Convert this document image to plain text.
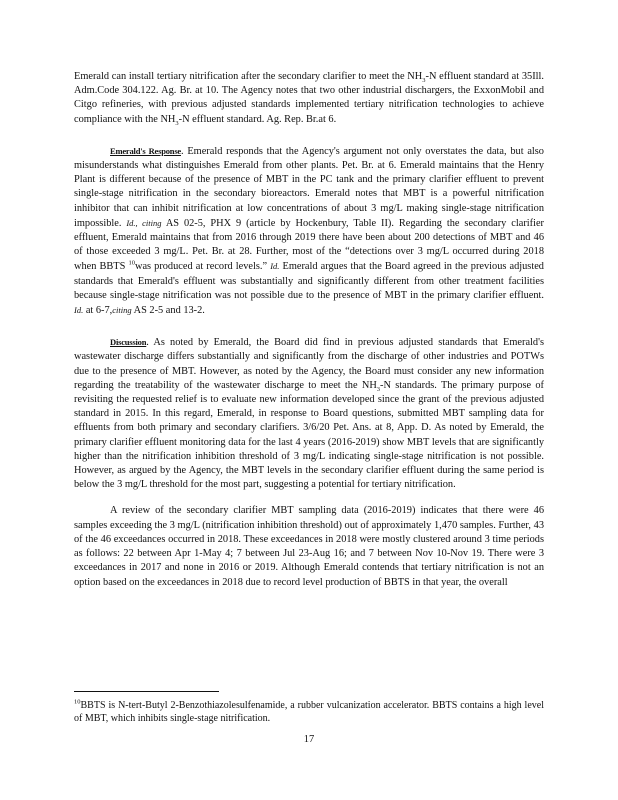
Emerald can install tertiary nitrification after the secondary clarifier to meet the $NH_3-N$ effluent standard at 35Ill. Adm.Code 304.122. Ag. Br. at 10. The Agency notes that two other industrial dischargers, the ExxonMobil and Citgo refineries, with previous adjusted standards implemented tertiary nitrification technologies to achieve compliance with the $NH_3-N$ effluent standard. Ag. Rep. Br.at 6.

Emerald's Response. Emerald responds that the Agency's argument not only overstates the data, but also misunderstands what distinguishes Emerald from other plants. Pet. Br. at 6. Emerald maintains that the Henry Plant is different because of the presence of MBT in the PC tank and the primary clarifier effluent to prevent single-stage nitrification in the secondary bioreactors. Emerald notes that MBT is a powerful nitrification inhibitor that can inhibit nitrification at low concentrations of about 3 mg/L making single-stage nitrification impossible. Id., citing AS 02-5, PHX 9 (article by Hockenbury, Table II). Regarding the secondary clarifier effluent, Emerald maintains that from 2016 through 2019 there have been about 200 detections of MBT and 46 of those exceeded 3 mg/L. Pet. Br. at 28. Further, most of the “detections over 3 mg/L occurred during 2018 when BBTS $^{10}$was produced at record levels.” Id. Emerald argues that the Board agreed in the previous adjusted standards that Emerald's effluent was substantially and significantly different from other treatment facilities because single-stage nitrification was not possible due to the presence of MBT in the primary clarifier effluent. Id. at 6-7,citing AS 2-5 and 13-2.

Discussion. As noted by Emerald, the Board did find in previous adjusted standards that Emerald's wastewater discharge differs substantially and significantly from the discharge of other industries and POTWs due to the presence of MBT. However, as noted by the Agency, the Board must consider any new information regarding the treatability of the wastewater discharge to meet the $NH_3-N$ standards. The primary purpose of revisiting the requested relief is to evaluate new information developed since the grant of the previous adjusted standard in 2015. In this regard, Emerald, in response to Board questions, submitted MBT sampling data for effluents from both primary and secondary clarifiers. 3/6/20 Pet. Ans. at 8, App. D. As noted by Emerald, the primary clarifier effluent monitoring data for the last 4 years (2016-2019) show MBT levels that are significantly higher than the nitrification inhibition threshold of 3 mg/L indicating single-stage nitrification is not possible. However, as argued by the Agency, the MBT levels in the secondary clarifier effluent during the same period is below the 3 mg/L threshold for the most part, suggesting a potential for tertiary nitrification.

A review of the secondary clarifier MBT sampling data (2016-2019) indicates that there were 46 samples exceeding the 3 mg/L (nitrification inhibition threshold) out of approximately 1,470 samples. Further, 43 of the 46 exceedances occurred in 2018. These exceedances in 2018 were mostly clustered around 3 time periods as follows: 22 between Apr 1-May 4; 7 between Jul 23-Aug 16; and 7 between Nov 10-Nov 19. There were 3 exceedances in 2017 and none in 2016 or 2019. Although Emerald contends that tertiary nitrification is not an option based on the exceedances in 2018 due to record level production of BBTS in that year, the overall

$^{10}$BBTS is N-tert-Butyl 2-Benzothiazolesulfenamide, a rubber vulcanization accelerator. BBTS contains a high level of MBT, which inhibits single-stage nitrification.

17
